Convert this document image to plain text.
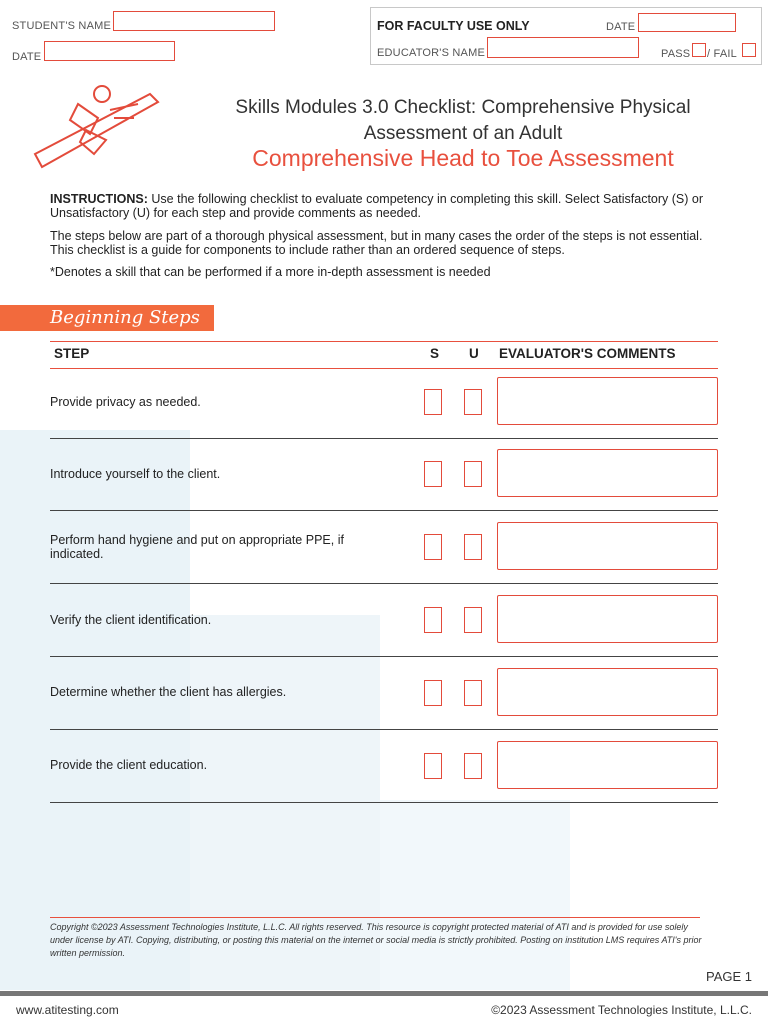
STUDENT'S NAME
DATE
FOR FACULTY USE ONLY	DATE
EDUCATOR'S NAME	PASS / FAIL
Skills Modules 3.0 Checklist: Comprehensive Physical
Assessment of an Adult
Comprehensive Head to Toe Assessment
INSTRUCTIONS: Use the following checklist to evaluate competency in completing this skill. Select Satisfactory (S) or Unsatisfactory (U) for each step and provide comments as needed.
The steps below are part of a thorough physical assessment, but in many cases the order of the steps is not essential. This checklist is a guide for components to include rather than an ordered sequence of steps.
*Denotes a skill that can be performed if a more in-depth assessment is needed
Beginning Steps
STEP	S U EVALUATOR'S COMMENTS
Provide privacy as needed.
Introduce yourself to the client.
Perform hand hygiene and put on appropriate PPE, if indicated.
Verify the client identification.
Determine whether the client has allergies.
Provide the client education.
Copyright ©2023 Assessment Technologies Institute, L.L.C. All rights reserved. This resource is copyright protected material of ATI and is provided for use solely under license by ATI. Copying, distributing, or posting this material on the internet or social media is strictly prohibited. Posting on institution LMS requires ATI's prior written permission.
PAGE 1
www.atitesting.com	©2023 Assessment Technologies Institute, L.L.C.
